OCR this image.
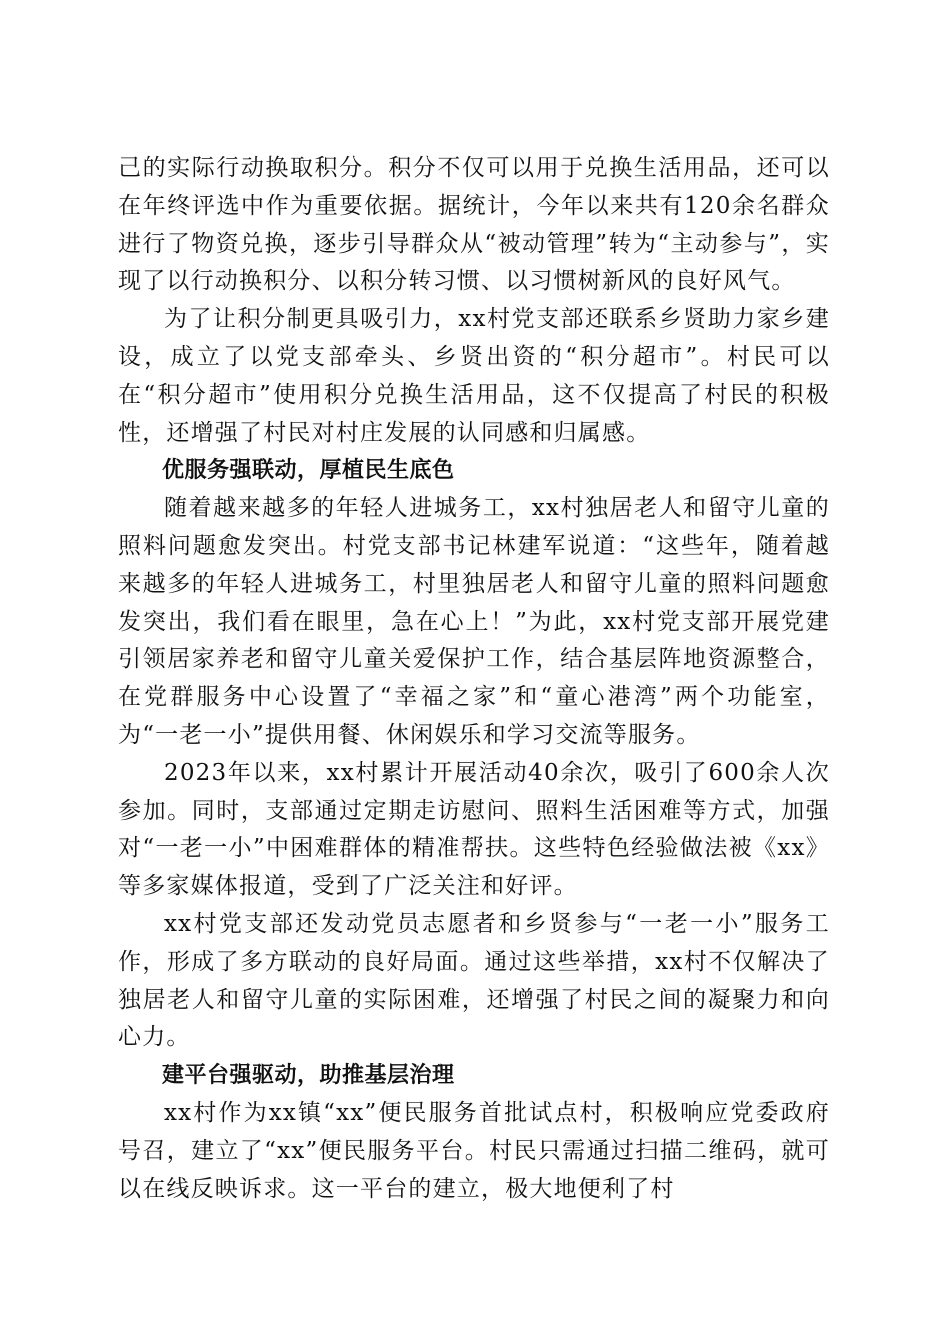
己的实际行动换取积分。积分不仅可以用于兑换生活用品，还可以在年终评选中作为重要依据。据统计，今年以来共有120余名群众进行了物资兑换，逐步引导群众从“被动管理”转为“主动参与”，实现了以行动换积分、以积分转习惯、以习惯树新风的良好风气。

为了让积分制更具吸引力，xx村党支部还联系乡贤助力家乡建设，成立了以党支部牵头、乡贤出资的“积分超市”。村民可以在“积分超市”使用积分兑换生活用品，这不仅提高了村民的积极性，还增强了村民对村庄发展的认同感和归属感。

优服务强联动，厚植民生底色

随着越来越多的年轻人进城务工，xx村独居老人和留守儿童的照料问题愈发突出。村党支部书记林建军说道：“这些年，随着越来越多的年轻人进城务工，村里独居老人和留守儿童的照料问题愈发突出，我们看在眼里，急在心上！”为此，xx村党支部开展党建引领居家养老和留守儿童关爱保护工作，结合基层阵地资源整合，在党群服务中心设置了“幸福之家”和“童心港湾”两个功能室，为“一老一小”提供用餐、休闲娱乐和学习交流等服务。

2023年以来，xx村累计开展活动40余次，吸引了600余人次参加。同时，支部通过定期走访慰问、照料生活困难等方式，加强对“一老一小”中困难群体的精准帮扶。这些特色经验做法被《xx》等多家媒体报道，受到了广泛关注和好评。

xx村党支部还发动党员志愿者和乡贤参与“一老一小”服务工作，形成了多方联动的良好局面。通过这些举措，xx村不仅解决了独居老人和留守儿童的实际困难，还增强了村民之间的凝聚力和向心力。

建平台强驱动，助推基层治理

xx村作为xx镇“xx”便民服务首批试点村，积极响应党委政府号召，建立了“xx”便民服务平台。村民只需通过扫描二维码，就可以在线反映诉求。这一平台的建立，极大地便利了村
